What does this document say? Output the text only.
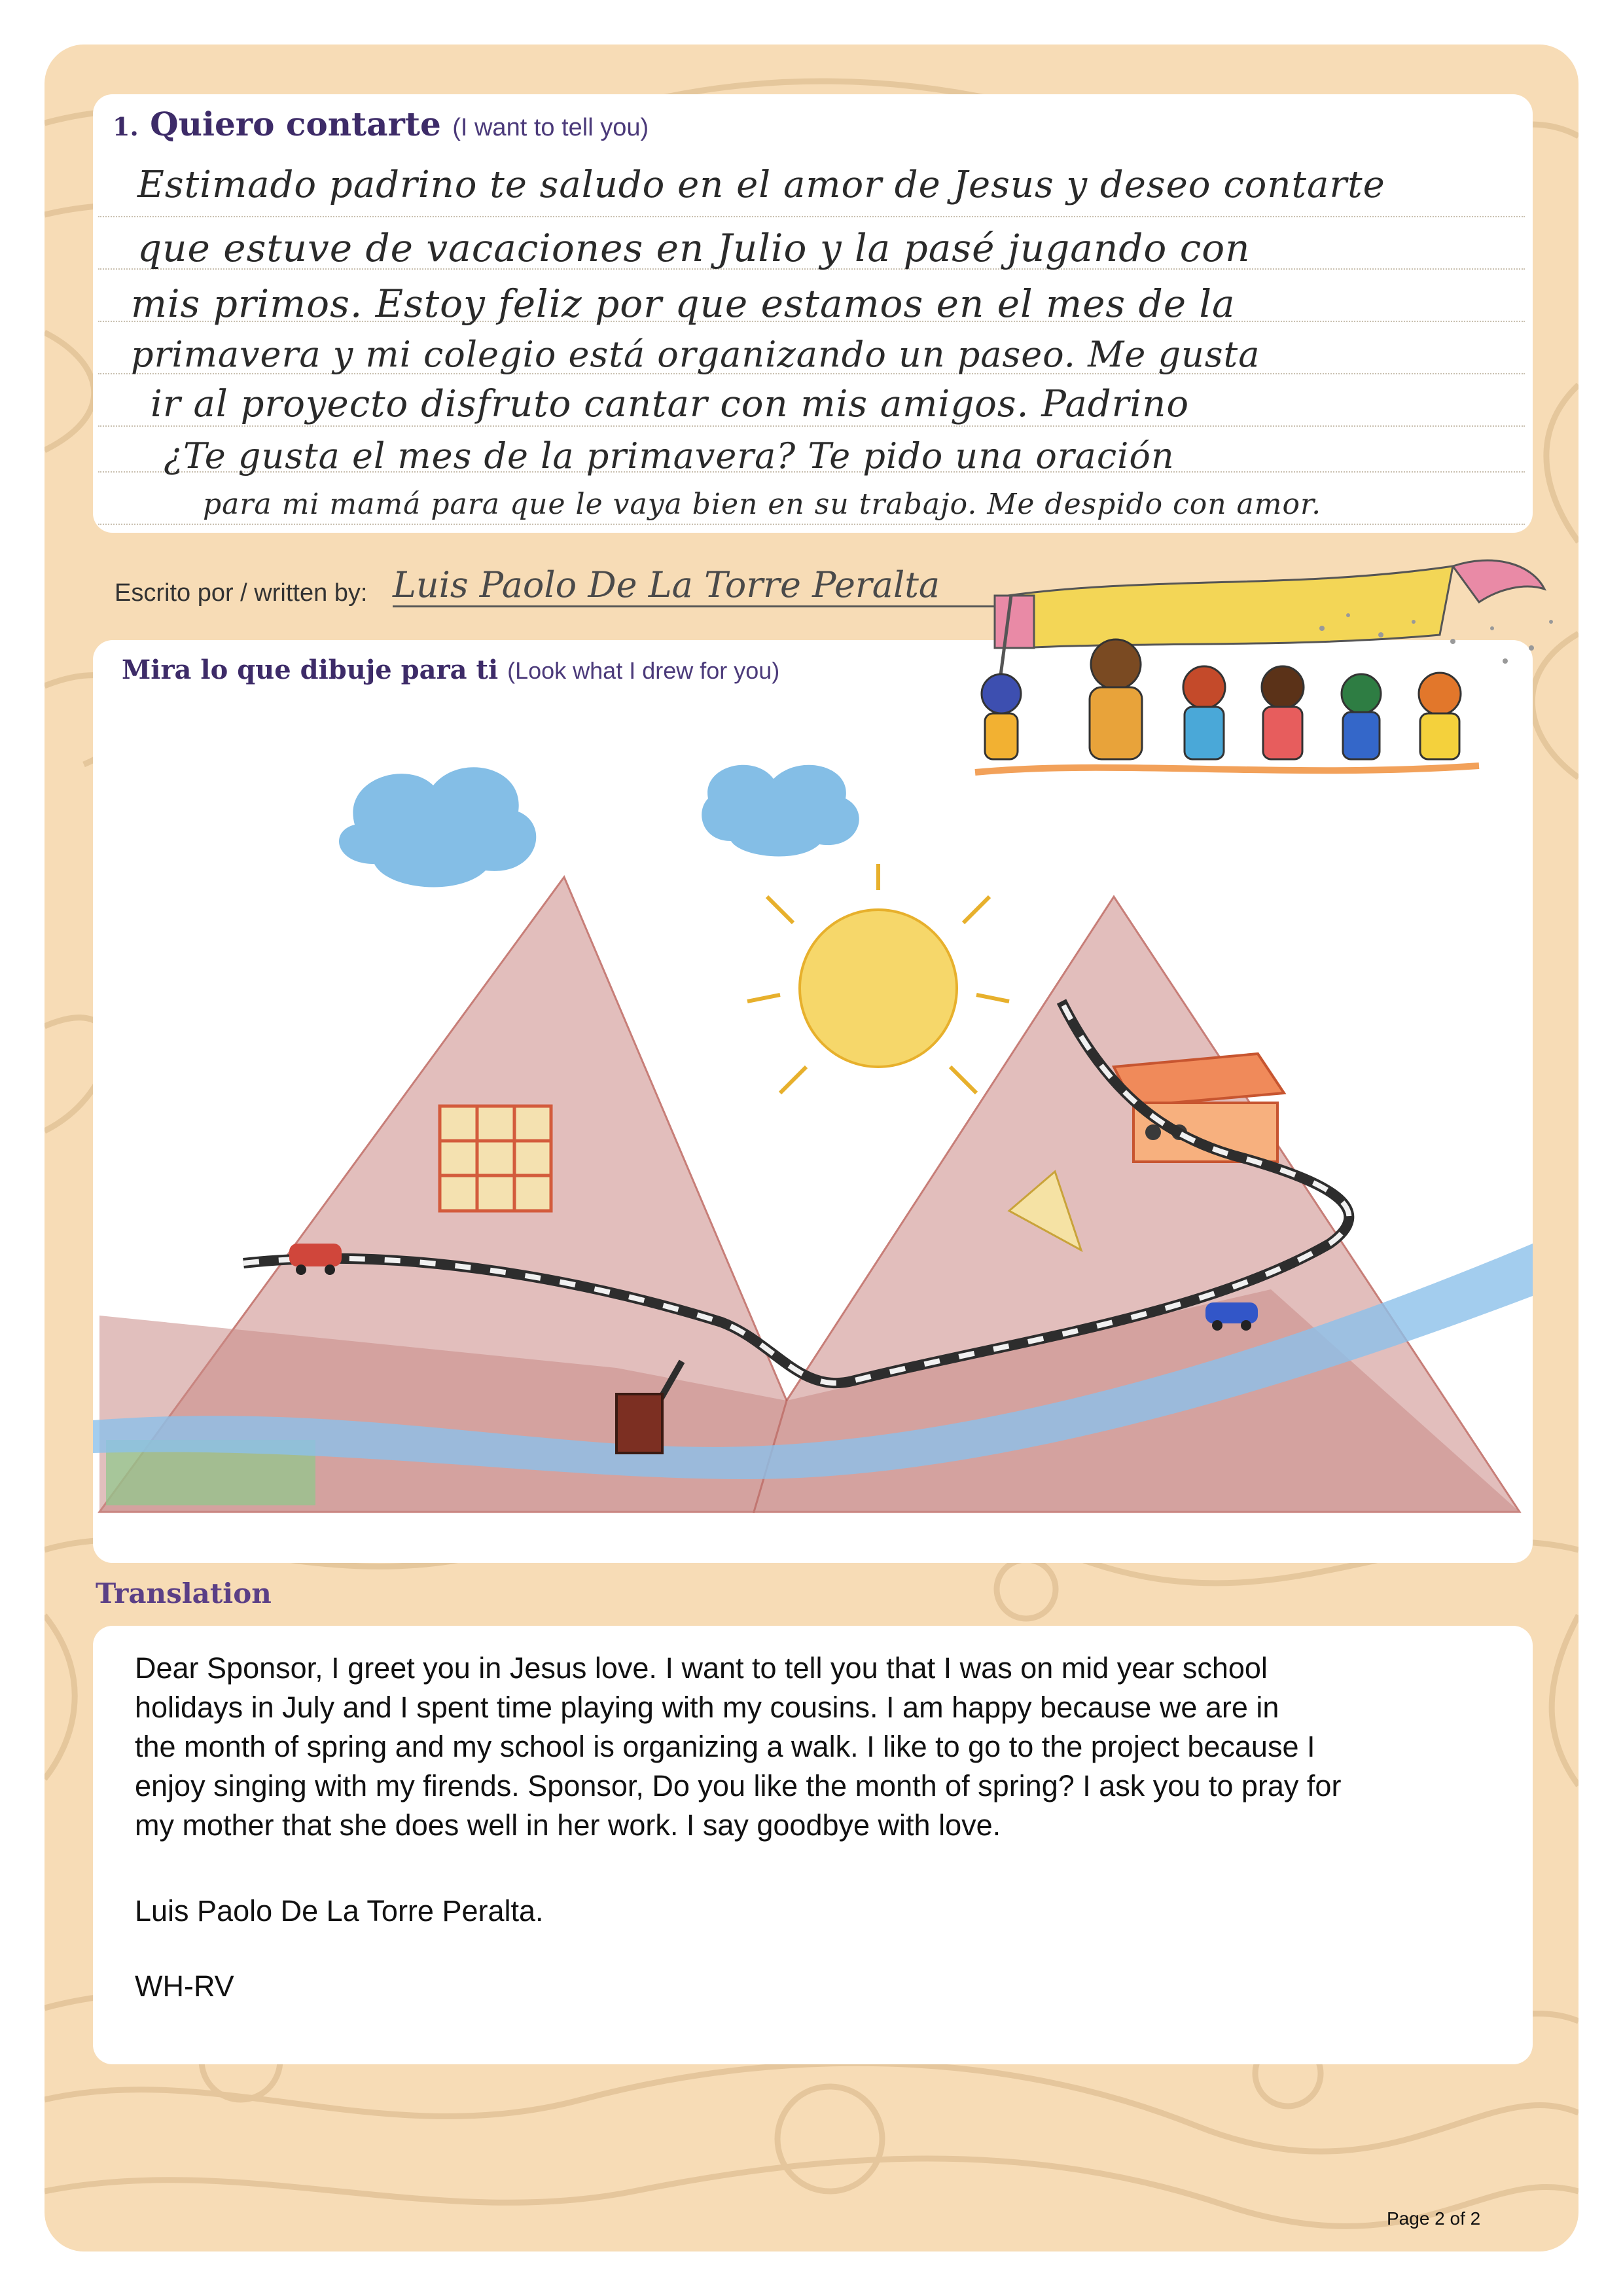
1. Quiero contarte (I want to tell you)
Estimado padrino te saludo en el amor de Jesus y deseo contarte
que estuve de vacaciones en Julio y la pasé jugando con
mis primos. Estoy feliz por que estamos en el mes de la
primavera y mi colegio está organizando un paseo. Me gusta
ir al proyecto disfruto cantar con mis amigos. Padrino
¿Te gusta el mes de la primavera? Te pido una oración
para mi mamá para que le vaya bien en su trabajo. Me despido con amor.
Escrito por / written by: Luis Paolo De La Torre Peralta
Mira lo que dibuje para ti (Look what I drew for you)
Translation
Dear Sponsor, I greet you in Jesus love. I want to tell you that I was on mid year school
holidays in July and I spent time playing with my cousins. I am happy because we are in
the month of spring and my school is organizing a walk. I like to go to the project because I
enjoy singing with my firends. Sponsor, Do you like the month of spring? I ask you to pray for
my mother that she does well in her work. I say goodbye with love.
Luis Paolo De La Torre Peralta.
WH-RV
Page 2 of 2
